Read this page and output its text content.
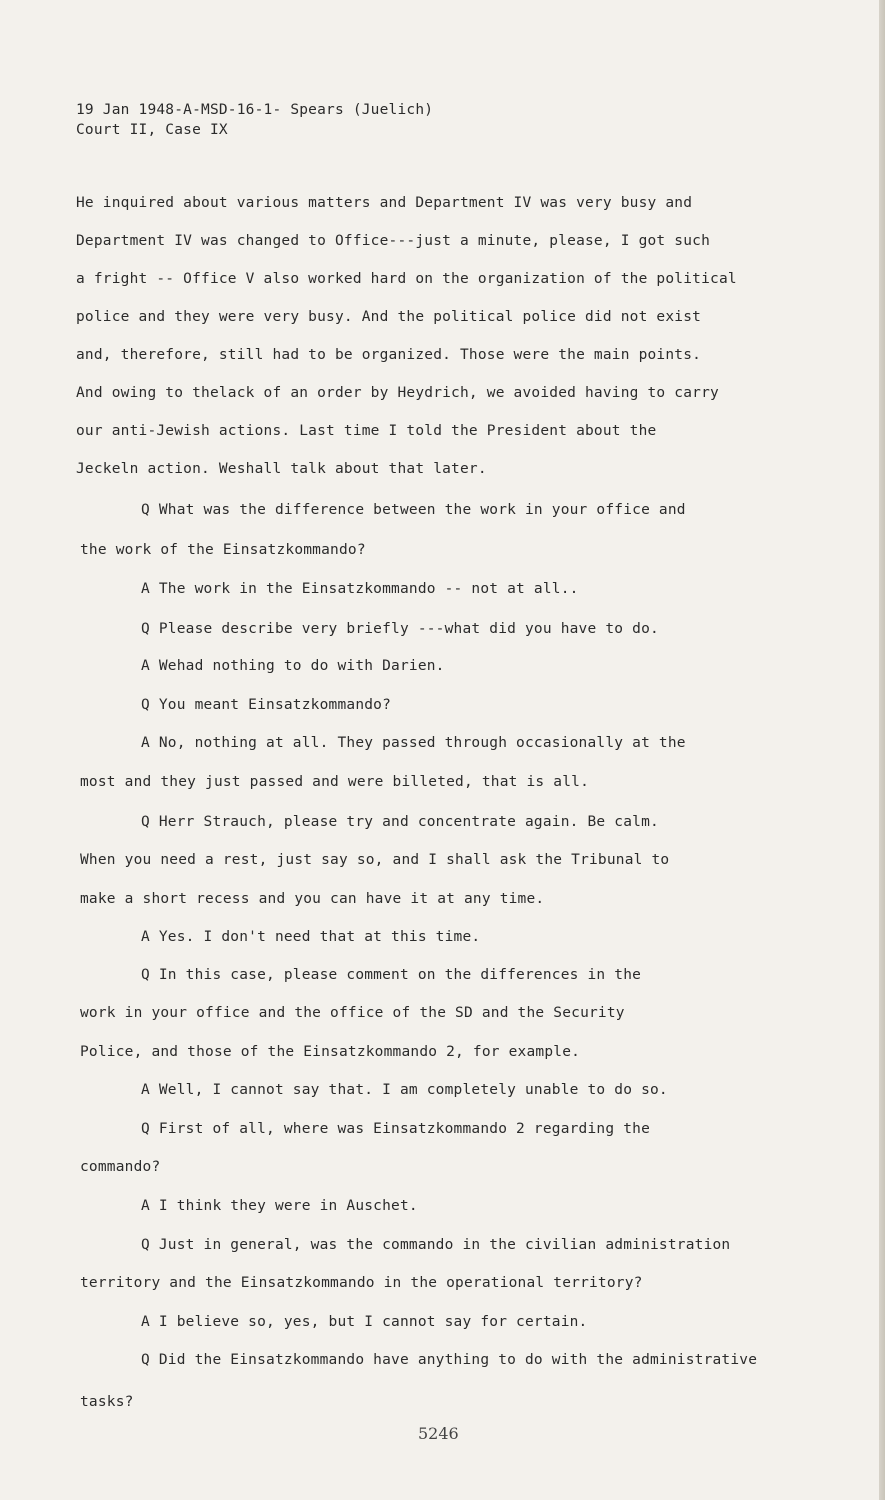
19 Jan 1948-A-MSD-16-1- Spears (Juelich)
Court II, Case IX
He inquired about various matters and Department IV was very busy and
Department IV was changed to Office---just a minute, please, I got such
a fright -- Office V also worked hard on the organization of the political
police and they were very busy. And the political police did not exist
and, therefore, still had to be organized. Those were the main points.
And owing to thelack of an order by Heydrich, we avoided having to carry
our anti-Jewish actions. Last time I told the President about the
Jeckeln action. Weshall talk about that later.
Q What was the difference between the work in your office and
the work of the Einsatzkommando?
A The work in the Einsatzkommando -- not at all..
Q Please describe very briefly ---what did you have to do.
A Wehad nothing to do with Darien.
Q You meant Einsatzkommando?
A No, nothing at all. They passed through occasionally at the
most and they just passed and were billeted, that is all.
Q Herr Strauch, please try and concentrate again. Be calm.
When you need a rest, just say so, and I shall ask the Tribunal to
make a short recess and you can have it at any time.
A Yes. I don't need that at this time.
Q In this case, please comment on the differences in the
work in your office and the office of the SD and the Security
Police, and those of the Einsatzkommando 2, for example.
A Well, I cannot say that. I am completely unable to do so.
Q First of all, where was Einsatzkommando 2 regarding the
commando?
A I think they were in Auschet.
Q Just in general, was the commando in the civilian administration
territory and the Einsatzkommando in the operational territory?
A I believe so, yes, but I cannot say for certain.
Q Did the Einsatzkommando have anything to do with the administrative
tasks?
5246
